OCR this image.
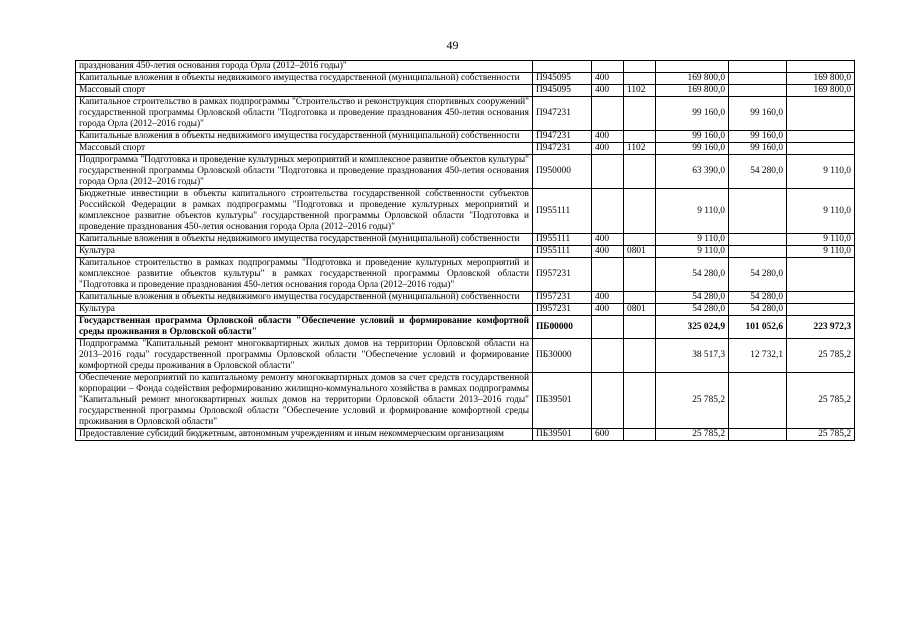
49
празднования 450-летия основания города Орла (2012–2016 годы)"						
Капитальные вложения в объекты недвижимого имущества государственной (муниципальной) собственности	П945095	400		169 800,0		169 800,0
Массовый спорт	П945095	400	1102	169 800,0		169 800,0
Капитальное строительство в рамках подпрограммы "Строительство и реконструкция спортивных сооружений" государственной программы Орловской области "Подготовка и проведение празднования 450-летия основания города Орла (2012–2016 годы)"	П947231			99 160,0	99 160,0	
Капитальные вложения в объекты недвижимого имущества государственной (муниципальной) собственности	П947231	400		99 160,0	99 160,0	
Массовый спорт	П947231	400	1102	99 160,0	99 160,0	
Подпрограмма "Подготовка и проведение культурных мероприятий и комплексное развитие объектов культуры" государственной программы Орловской области "Подготовка и проведение празднования 450-летия основания города Орла (2012–2016 годы)"	П950000			63 390,0	54 280,0	9 110,0
Бюджетные инвестиции в объекты капитального строительства государственной собственности субъектов Российской Федерации в рамках подпрограммы "Подготовка и проведение культурных мероприятий и комплексное развитие объектов культуры" государственной программы Орловской области "Подготовка и проведение празднования 450-летия основания города Орла (2012–2016 годы)"	П955111			9 110,0		9 110,0
Капитальные вложения в объекты недвижимого имущества государственной (муниципальной) собственности	П955111	400		9 110,0		9 110,0
Культура	П955111	400	0801	9 110,0		9 110,0
Капитальное строительство в рамках подпрограммы "Подготовка и проведение культурных мероприятий и комплексное развитие объектов культуры" в рамках государственной программы Орловской области "Подготовка и проведение празднования 450-летия основания города Орла (2012–2016 годы)"	П957231			54 280,0	54 280,0	
Капитальные вложения в объекты недвижимого имущества государственной (муниципальной) собственности	П957231	400		54 280,0	54 280,0	
Культура	П957231	400	0801	54 280,0	54 280,0	
Государственная программа Орловской области "Обеспечение условий и формирование комфортной среды проживания в Орловской области"	ПБ00000			325 024,9	101 052,6	223 972,3
Подпрограмма "Капитальный ремонт многоквартирных жилых домов на территории Орловской области на 2013–2016 годы" государственной программы Орловской области "Обеспечение условий и формирование комфортной среды проживания в Орловской области"	ПБ30000			38 517,3	12 732,1	25 785,2
Обеспечение мероприятий по капитальному ремонту многоквартирных домов за счет средств государственной корпорации – Фонда содействия реформированию жилищно-коммунального хозяйства в рамках подпрограммы "Капитальный ремонт многоквартирных жилых домов на территории Орловской области 2013–2016 годы" государственной программы Орловской области "Обеспечение условий и формирование комфортной среды проживания в Орловской области"	ПБ39501			25 785,2		25 785,2
Предоставление субсидий бюджетным, автономным учреждениям и иным некоммерческим организациям	ПБ39501	600		25 785,2		25 785,2
